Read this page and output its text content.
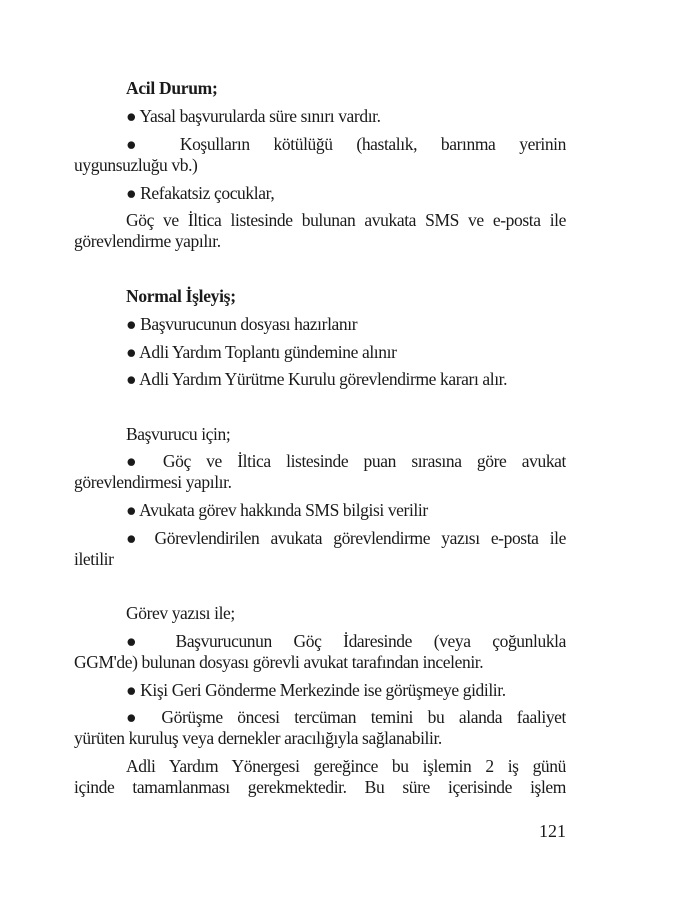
Acil Durum;
● Yasal başvurularda süre sınırı vardır.
● Koşulların kötülüğü (hastalık, barınma yerinin
uygunsuzluğu vb.)
● Refakatsiz çocuklar,
Göç ve İltica listesinde bulunan avukata SMS ve e-posta ile
görevlendirme yapılır.
Normal İşleyiş;
● Başvurucunun dosyası hazırlanır
● Adli Yardım Toplantı gündemine alınır
● Adli Yardım Yürütme Kurulu görevlendirme kararı alır.
Başvurucu için;
● Göç ve İltica listesinde puan sırasına göre avukat
görevlendirmesi yapılır.
● Avukata görev hakkında SMS bilgisi verilir
● Görevlendirilen avukata görevlendirme yazısı e-posta ile
iletilir
Görev yazısı ile;
● Başvurucunun Göç İdaresinde (veya çoğunlukla
GGM'de) bulunan dosyası görevli avukat tarafından incelenir.
● Kişi Geri Gönderme Merkezinde ise görüşmeye gidilir.
● Görüşme öncesi tercüman temini bu alanda faaliyet
yürüten kuruluş veya dernekler aracılığıyla sağlanabilir.
Adli Yardım Yönergesi gereğince bu işlemin 2 iş günü
içinde tamamlanması gerekmektedir. Bu süre içerisinde işlem
121
